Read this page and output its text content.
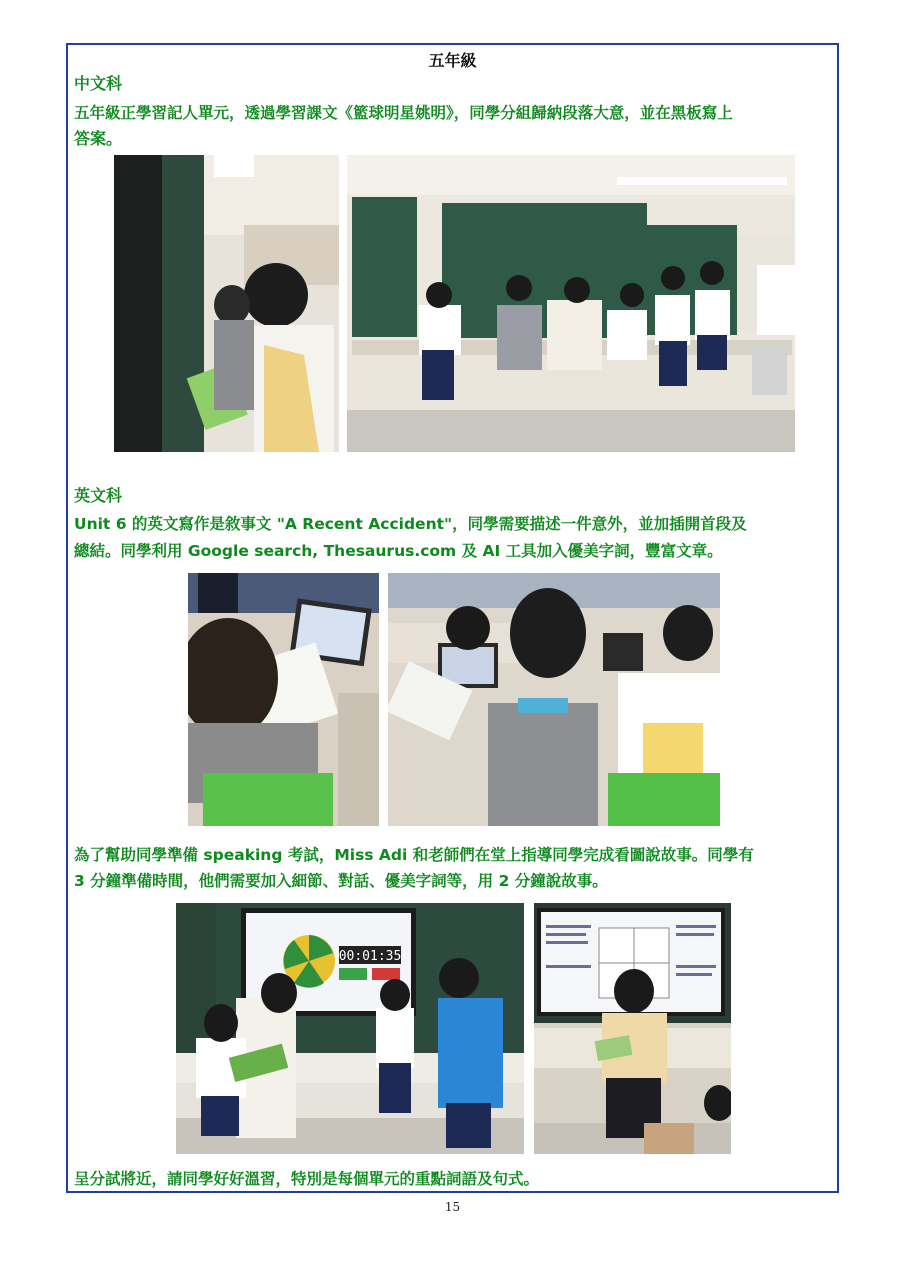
五年級
中文科
五年級正學習記人單元，透過學習課文《籃球明星姚明》，同學分組歸納段落大意，並在黑板寫上
答案。
英文科
Unit 6 的英文寫作是敘事文 "A Recent Accident"，同學需要描述一件意外，並加插開首段及
總結。同學利用 Google search, Thesaurus.com 及 AI 工具加入優美字詞，豐富文章。
為了幫助同學準備 speaking 考試，Miss Adi 和老師們在堂上指導同學完成看圖說故事。同學有
3 分鐘準備時間，他們需要加入細節、對話、優美字詞等，用 2 分鐘說故事。
00:01:35
呈分試將近，請同學好好溫習，特別是每個單元的重點詞語及句式。
15
